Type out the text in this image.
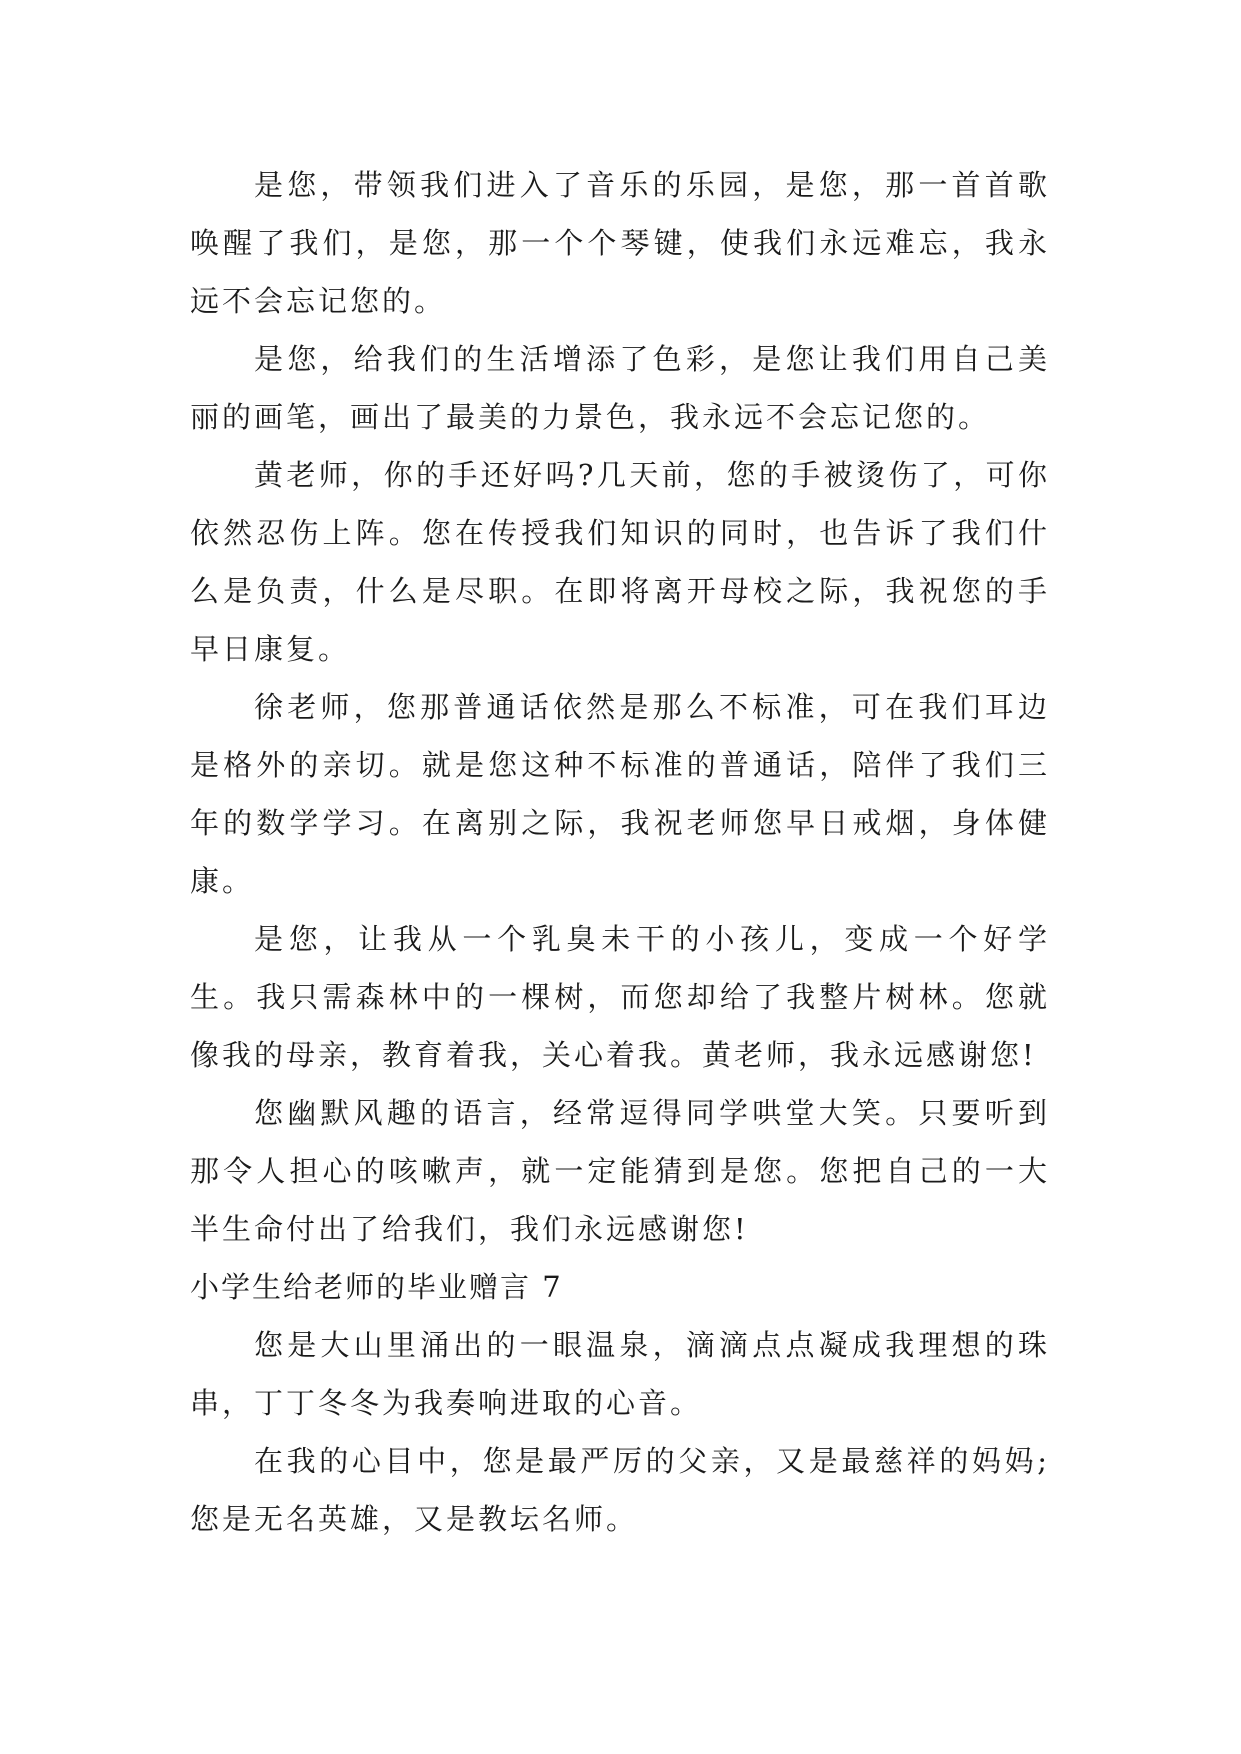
是您，带领我们进入了音乐的乐园，是您，那一首首歌唤醒了我们，是您，那一个个琴键，使我们永远难忘，我永远不会忘记您的。

是您，给我们的生活增添了色彩，是您让我们用自己美丽的画笔，画出了最美的力景色，我永远不会忘记您的。

黄老师，你的手还好吗?几天前，您的手被烫伤了，可你依然忍伤上阵。您在传授我们知识的同时，也告诉了我们什么是负责，什么是尽职。在即将离开母校之际，我祝您的手早日康复。

徐老师，您那普通话依然是那么不标准，可在我们耳边是格外的亲切。就是您这种不标准的普通话，陪伴了我们三年的数学学习。在离别之际，我祝老师您早日戒烟，身体健康。

是您，让我从一个乳臭未干的小孩儿，变成一个好学生。我只需森林中的一棵树，而您却给了我整片树林。您就像我的母亲，教育着我，关心着我。黄老师，我永远感谢您!

您幽默风趣的语言，经常逗得同学哄堂大笑。只要听到那令人担心的咳嗽声，就一定能猜到是您。您把自己的一大半生命付出了给我们，我们永远感谢您!

小学生给老师的毕业赠言 7

您是大山里涌出的一眼温泉，滴滴点点凝成我理想的珠串，丁丁冬冬为我奏响进取的心音。

在我的心目中，您是最严厉的父亲，又是最慈祥的妈妈;您是无名英雄，又是教坛名师。
